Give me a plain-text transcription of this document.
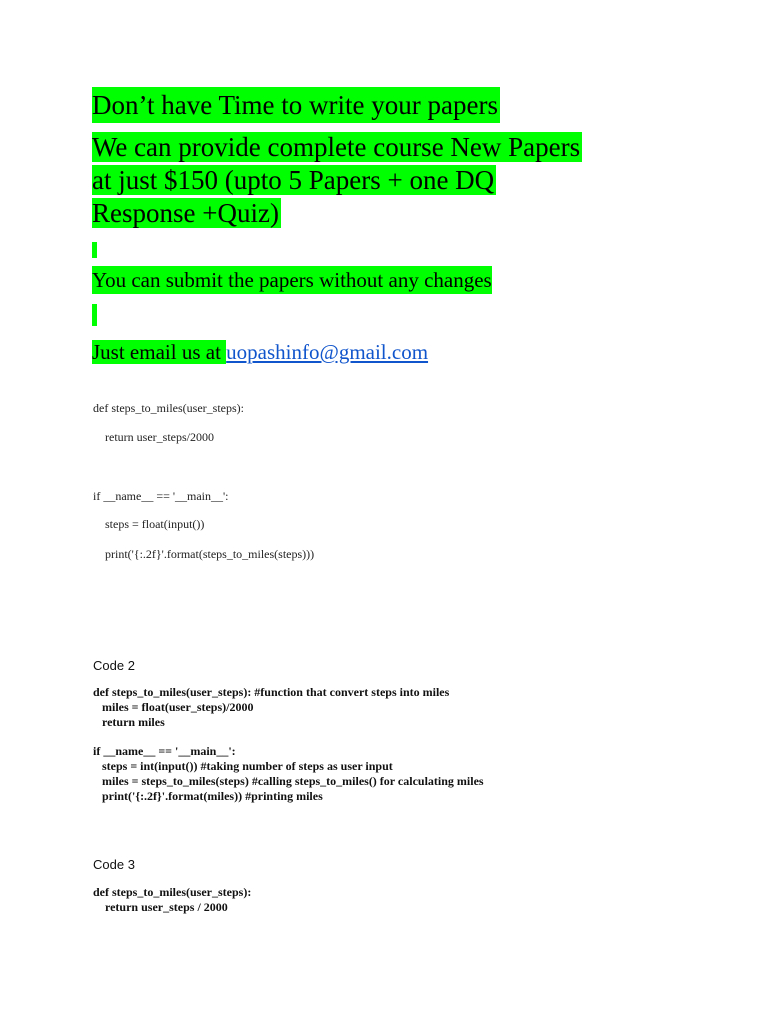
Don’t have Time to write your papers
We can provide complete course New Papers
at just $150 (upto 5 Papers + one DQ
Response +Quiz)
You can submit the papers without any changes
Just email us at uopashinfo@gmail.com
def steps_to_miles(user_steps):
return user_steps/2000
if __name__ == '__main__':
steps = float(input())
print('{:.2f}'.format(steps_to_miles(steps)))
Code 2
def steps_to_miles(user_steps): #function that convert steps into miles
miles = float(user_steps)/2000
return miles
if __name__ == '__main__':
steps = int(input()) #taking number of steps as user input
miles = steps_to_miles(steps) #calling steps_to_miles() for calculating miles
print('{:.2f}'.format(miles)) #printing miles
Code 3
def steps_to_miles(user_steps):
return user_steps / 2000
